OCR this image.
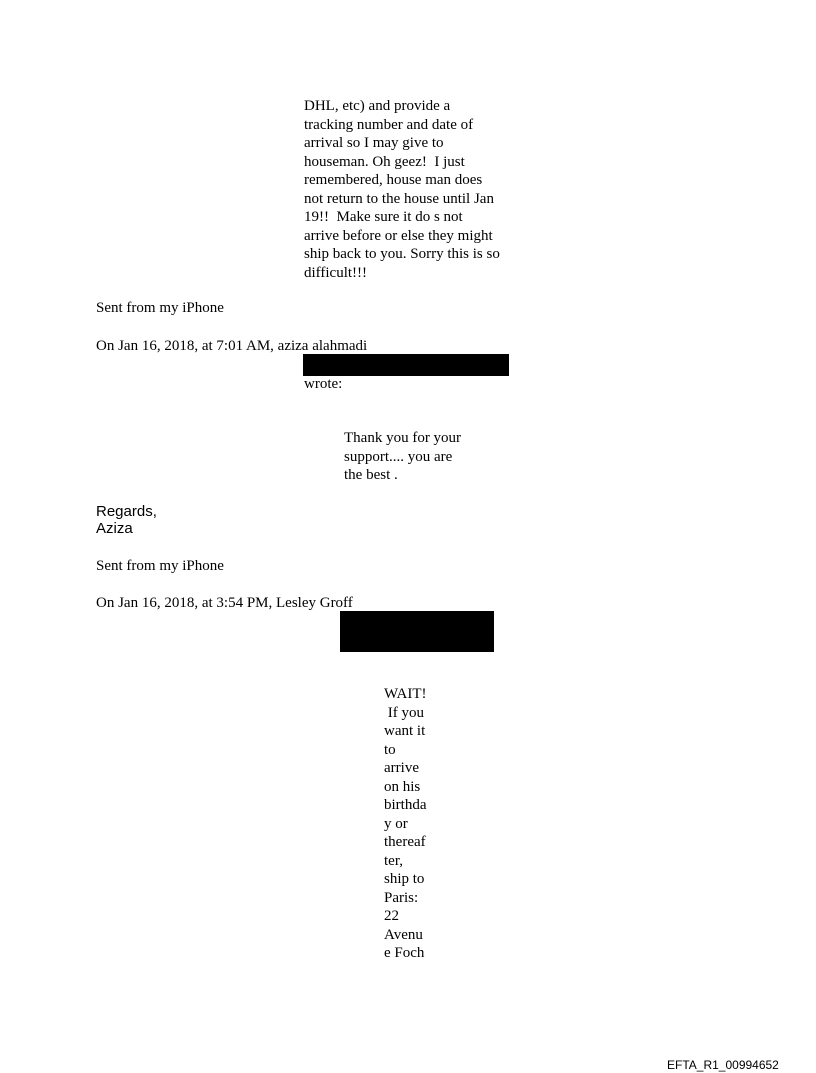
DHL, etc) and provide a
tracking number and date of
arrival so I may give to
houseman. Oh geez!  I just
remembered, house man does
not return to the house until Jan
19!!  Make sure it do s not
arrive before or else they might
ship back to you. Sorry this is so
difficult!!!
Sent from my iPhone
On Jan 16, 2018, at 7:01 AM, aziza alahmadi
wrote:
Thank you for your
support.... you are
the best .
Regards,
Aziza
Sent from my iPhone
On Jan 16, 2018, at 3:54 PM, Lesley Groff
WAIT!
If you
want it
to
arrive
on his
birthda
y or
thereaf
ter,
ship to
Paris:
22
Avenu
e Foch
EFTA_R1_00994652
